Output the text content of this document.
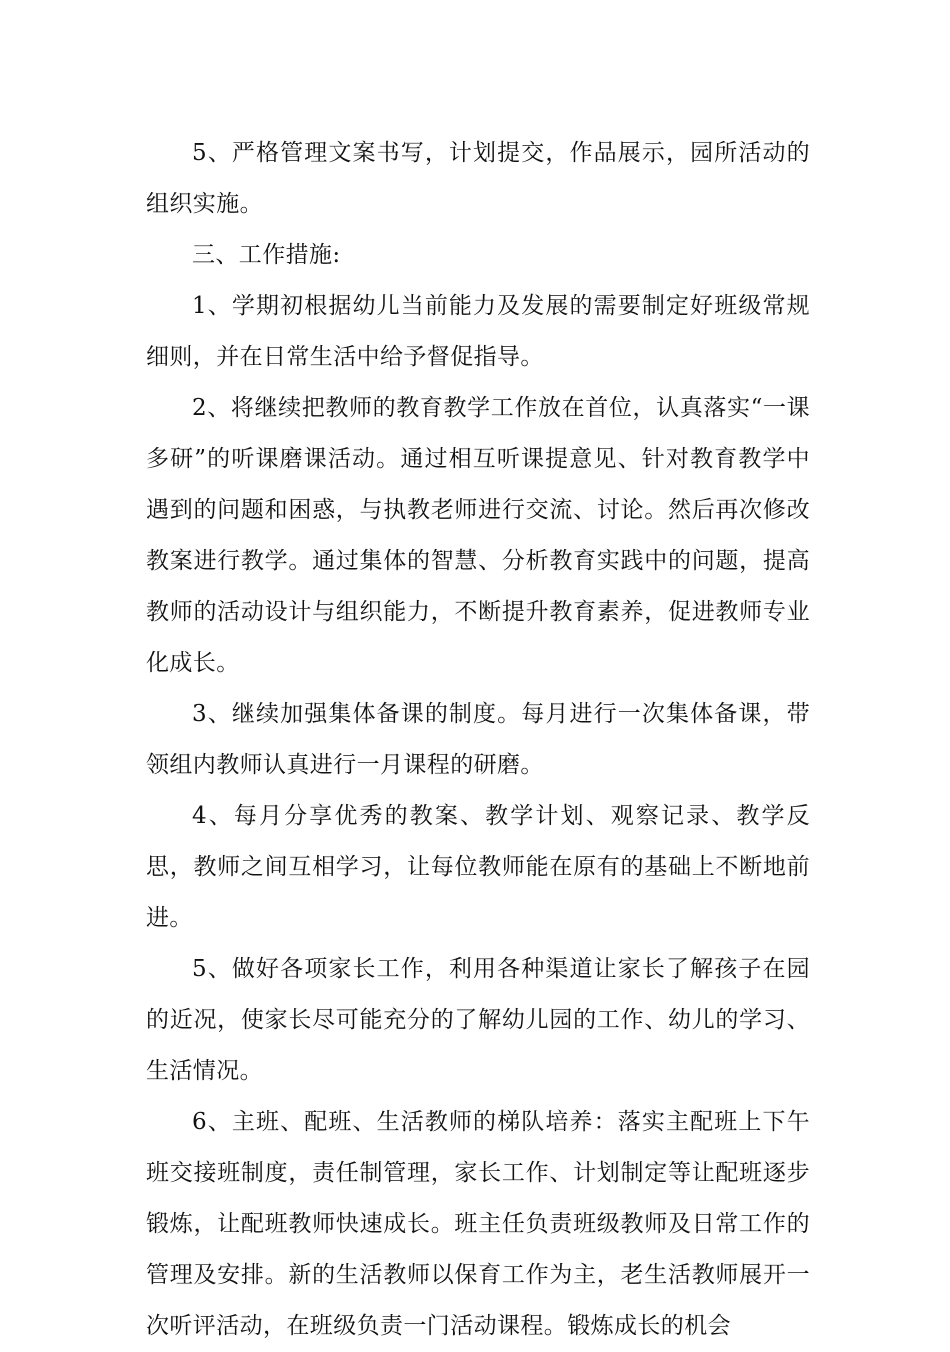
5、严格管理文案书写，计划提交，作品展示，园所活动的组织实施。

三、工作措施:

1、学期初根据幼儿当前能力及发展的需要制定好班级常规细则，并在日常生活中给予督促指导。

2、将继续把教师的教育教学工作放在首位，认真落实“一课多研”的听课磨课活动。通过相互听课提意见、针对教育教学中遇到的问题和困惑，与执教老师进行交流、讨论。然后再次修改教案进行教学。通过集体的智慧、分析教育实践中的问题，提高教师的活动设计与组织能力，不断提升教育素养，促进教师专业化成长。

3、继续加强集体备课的制度。每月进行一次集体备课，带领组内教师认真进行一月课程的研磨。

4、每月分享优秀的教案、教学计划、观察记录、教学反思，教师之间互相学习，让每位教师能在原有的基础上不断地前进。

5、做好各项家长工作，利用各种渠道让家长了解孩子在园的近况，使家长尽可能充分的了解幼儿园的工作、幼儿的学习、生活情况。

6、主班、配班、生活教师的梯队培养：落实主配班上下午班交接班制度，责任制管理，家长工作、计划制定等让配班逐步锻炼，让配班教师快速成长。班主任负责班级教师及日常工作的管理及安排。新的生活教师以保育工作为主，老生活教师展开一次听评活动，在班级负责一门活动课程。锻炼成长的机会
